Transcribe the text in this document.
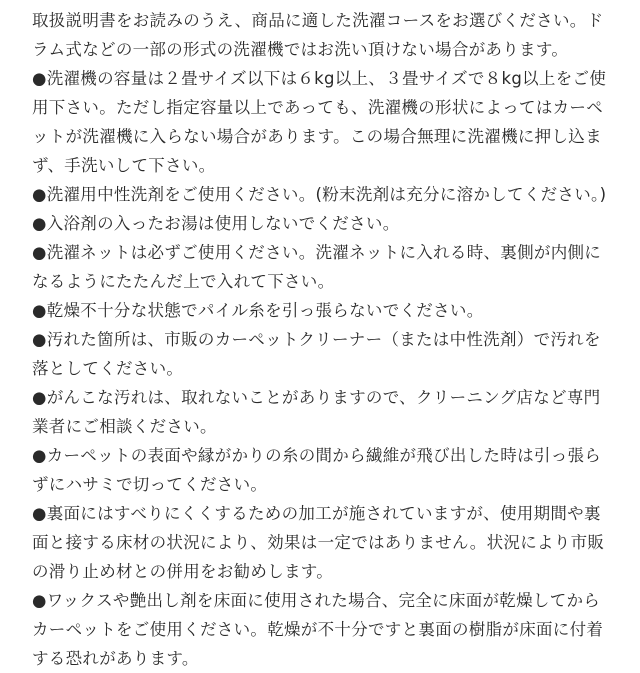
取扱説明書をお読みのうえ、商品に適した洗濯コースをお選びください。ド
ラム式などの一部の形式の洗濯機ではお洗い頂けない場合があります。

●洗濯機の容量は２畳サイズ以下は６kg以上、３畳サイズで８kg以上をご使
用下さい。ただし指定容量以上であっても、洗濯機の形状によってはカーペ
ットが洗濯機に入らない場合があります。この場合無理に洗濯機に押し込ま
ず、手洗いして下さい。

●洗濯用中性洗剤をご使用ください。(粉末洗剤は充分に溶かしてください。)

●入浴剤の入ったお湯は使用しないでください。

●洗濯ネットは必ずご使用ください。洗濯ネットに入れる時、裏側が内側に
なるようにたたんだ上で入れて下さい。

●乾燥不十分な状態でパイル糸を引っ張らないでください。

●汚れた箇所は、市販のカーペットクリーナー（または中性洗剤）で汚れを
落としてください。

●がんこな汚れは、取れないことがありますので、クリーニング店など専門
業者にご相談ください。

●カーペットの表面や縁がかりの糸の間から繊維が飛び出した時は引っ張ら
ずにハサミで切ってください。

●裏面にはすべりにくくするための加工が施されていますが、使用期間や裏
面と接する床材の状況により、効果は一定ではありません。状況により市販
の滑り止め材との併用をお勧めします。

●ワックスや艶出し剤を床面に使用された場合、完全に床面が乾燥してから
カーペットをご使用ください。乾燥が不十分ですと裏面の樹脂が床面に付着
する恐れがあります。
